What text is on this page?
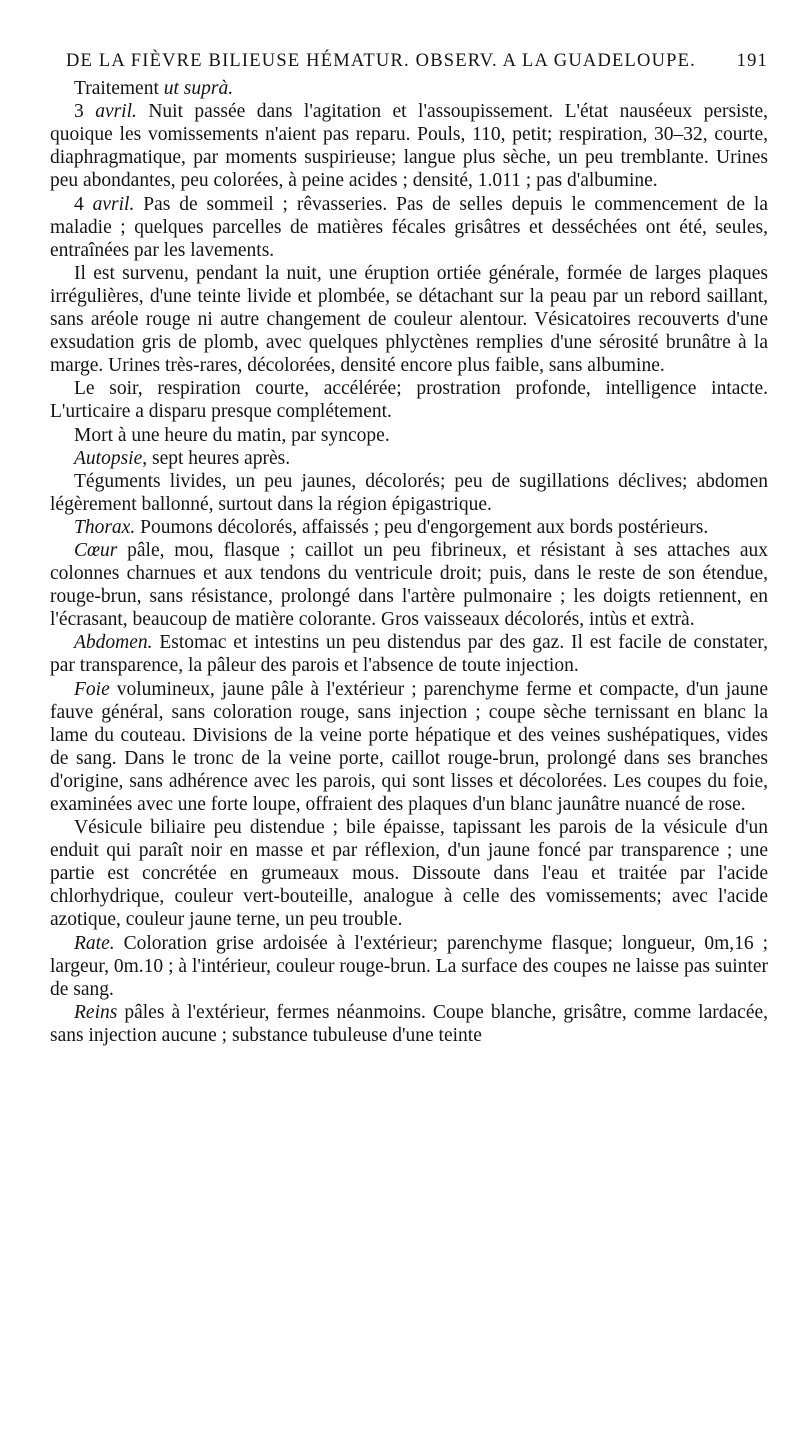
DE LA FIÈVRE BILIEUSE HÉMATUR. OBSERV. A LA GUADELOUPE. 191

Traitement ut suprà.

3 avril. Nuit passée dans l'agitation et l'assoupissement. L'état nauséeux persiste, quoique les vomissements n'aient pas reparu. Pouls, 110, petit; respiration, 30–32, courte, diaphragmatique, par moments suspirieuse; langue plus sèche, un peu tremblante. Urines peu abondantes, peu colorées, à peine acides ; densité, 1.011 ; pas d'albumine.

4 avril. Pas de sommeil ; rêvasseries. Pas de selles depuis le commencement de la maladie ; quelques parcelles de matières fécales grisâtres et desséchées ont été, seules, entraînées par les lavements.

Il est survenu, pendant la nuit, une éruption ortiée générale, formée de larges plaques irrégulières, d'une teinte livide et plombée, se détachant sur la peau par un rebord saillant, sans aréole rouge ni autre changement de couleur alentour. Vésicatoires recouverts d'une exsudation gris de plomb, avec quelques phlyctènes remplies d'une sérosité brunâtre à la marge. Urines très-rares, décolorées, densité encore plus faible, sans albumine.

Le soir, respiration courte, accélérée; prostration profonde, intelligence intacte. L'urticaire a disparu presque complétement.

Mort à une heure du matin, par syncope.

Autopsie, sept heures après.

Téguments livides, un peu jaunes, décolorés; peu de sugillations déclives; abdomen légèrement ballonné, surtout dans la région épigastrique.

Thorax. Poumons décolorés, affaissés ; peu d'engorgement aux bords postérieurs.

Cœur pâle, mou, flasque ; caillot un peu fibrineux, et résistant à ses attaches aux colonnes charnues et aux tendons du ventricule droit; puis, dans le reste de son étendue, rouge-brun, sans résistance, prolongé dans l'artère pulmonaire ; les doigts retiennent, en l'écrasant, beaucoup de matière colorante. Gros vaisseaux décolorés, intùs et extrà.

Abdomen. Estomac et intestins un peu distendus par des gaz. Il est facile de constater, par transparence, la pâleur des parois et l'absence de toute injection.

Foie volumineux, jaune pâle à l'extérieur ; parenchyme ferme et compacte, d'un jaune fauve général, sans coloration rouge, sans injection ; coupe sèche ternissant en blanc la lame du couteau. Divisions de la veine porte hépatique et des veines sushépatiques, vides de sang. Dans le tronc de la veine porte, caillot rouge-brun, prolongé dans ses branches d'origine, sans adhérence avec les parois, qui sont lisses et décolorées. Les coupes du foie, examinées avec une forte loupe, offraient des plaques d'un blanc jaunâtre nuancé de rose.

Vésicule biliaire peu distendue ; bile épaisse, tapissant les parois de la vésicule d'un enduit qui paraît noir en masse et par réflexion, d'un jaune foncé par transparence ; une partie est concrétée en grumeaux mous. Dissoute dans l'eau et traitée par l'acide chlorhydrique, couleur vert-bouteille, analogue à celle des vomissements; avec l'acide azotique, couleur jaune terne, un peu trouble.

Rate. Coloration grise ardoisée à l'extérieur; parenchyme flasque; longueur, 0m,16 ; largeur, 0m.10 ; à l'intérieur, couleur rouge-brun. La surface des coupes ne laisse pas suinter de sang.

Reins pâles à l'extérieur, fermes néanmoins. Coupe blanche, grisâtre, comme lardacée, sans injection aucune ; substance tubuleuse d'une teinte
